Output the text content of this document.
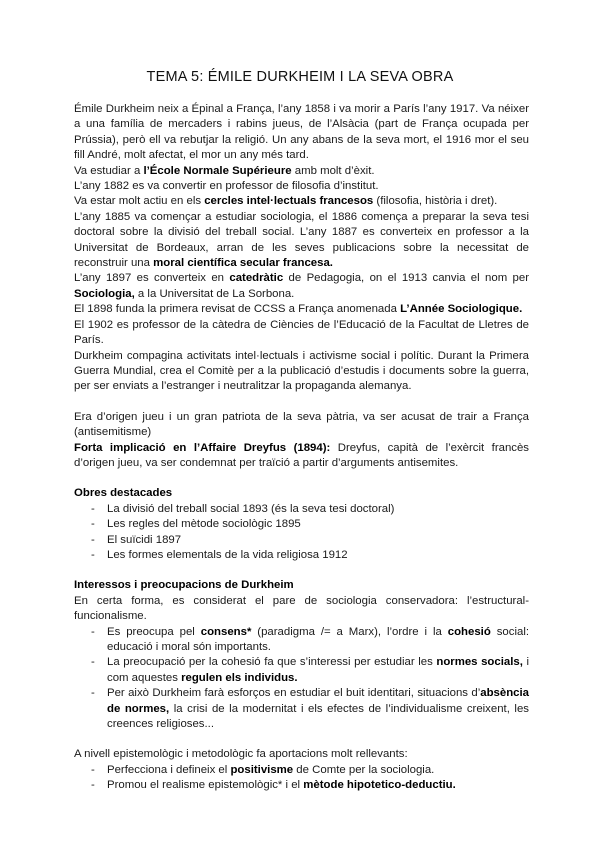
TEMA 5: ÉMILE DURKHEIM I LA SEVA OBRA

Émile Durkheim neix a Épinal a França, l’any 1858 i va morir a París l’any 1917. Va néixer a una família de mercaders i rabins jueus, de l’Alsàcia (part de França ocupada per Prússia), però ell va rebutjar la religió. Un any abans de la seva mort, el 1916 mor el seu fill André, molt afectat, el mor un any més tard.

Va estudiar a l’École Normale Supérieure amb molt d’èxit.

L’any 1882 es va convertir en professor de filosofia d’institut.

Va estar molt actiu en els cercles intel·lectuals francesos (filosofia, història i dret).

L’any 1885 va començar a estudiar sociologia, el 1886 comença a preparar la seva tesi doctoral sobre la divisió del treball social. L’any 1887 es converteix en professor a la Universitat de Bordeaux, arran de les seves publicacions sobre la necessitat de reconstruir una moral científica secular francesa.

L’any 1897 es converteix en catedràtic de Pedagogia, on el 1913 canvia el nom per Sociologia, a la Universitat de La Sorbona.

El 1898 funda la primera revisat de CCSS a França anomenada L’Année Sociologique.

El 1902 es professor de la càtedra de Ciències de l’Educació de la Facultat de Lletres de París.

Durkheim compagina activitats intel·lectuals i activisme social i polític. Durant la Primera Guerra Mundial, crea el Comitè per a la publicació d’estudis i documents sobre la guerra, per ser enviats a l’estranger i neutralitzar la propaganda alemanya.

Era d’origen jueu i un gran patriota de la seva pàtria, va ser acusat de trair a França (antisemitisme)

Forta implicació en l’Affaire Dreyfus (1894): Dreyfus, capità de l’exèrcit francès d’origen jueu, va ser condemnat per traïció a partir d’arguments antisemites.

Obres destacades
- La divisió del treball social 1893 (és la seva tesi doctoral)
- Les regles del mètode sociològic 1895
- El suïcidi 1897
- Les formes elementals de la vida religiosa 1912
Interessos i preocupacions de Durkheim

En certa forma, es considerat el pare de sociologia conservadora: l’estructural-funcionalisme.

- Es preocupa pel consens* (paradigma /= a Marx), l’ordre i la cohesió social: educació i moral són importants.
- La preocupació per la cohesió fa que s’interessi per estudiar les normes socials, i com aquestes regulen els individus.
- Per això Durkheim farà esforços en estudiar el buit identitari, situacions d’absència de normes, la crisi de la modernitat i els efectes de l’individualisme creixent, les creences religioses...

A nivell epistemològic i metodològic fa aportacions molt rellevants:

- Perfecciona i defineix el positivisme de Comte per la sociologia.
- Promou el realisme epistemològic* i el mètode hipotetico-deductiu.
